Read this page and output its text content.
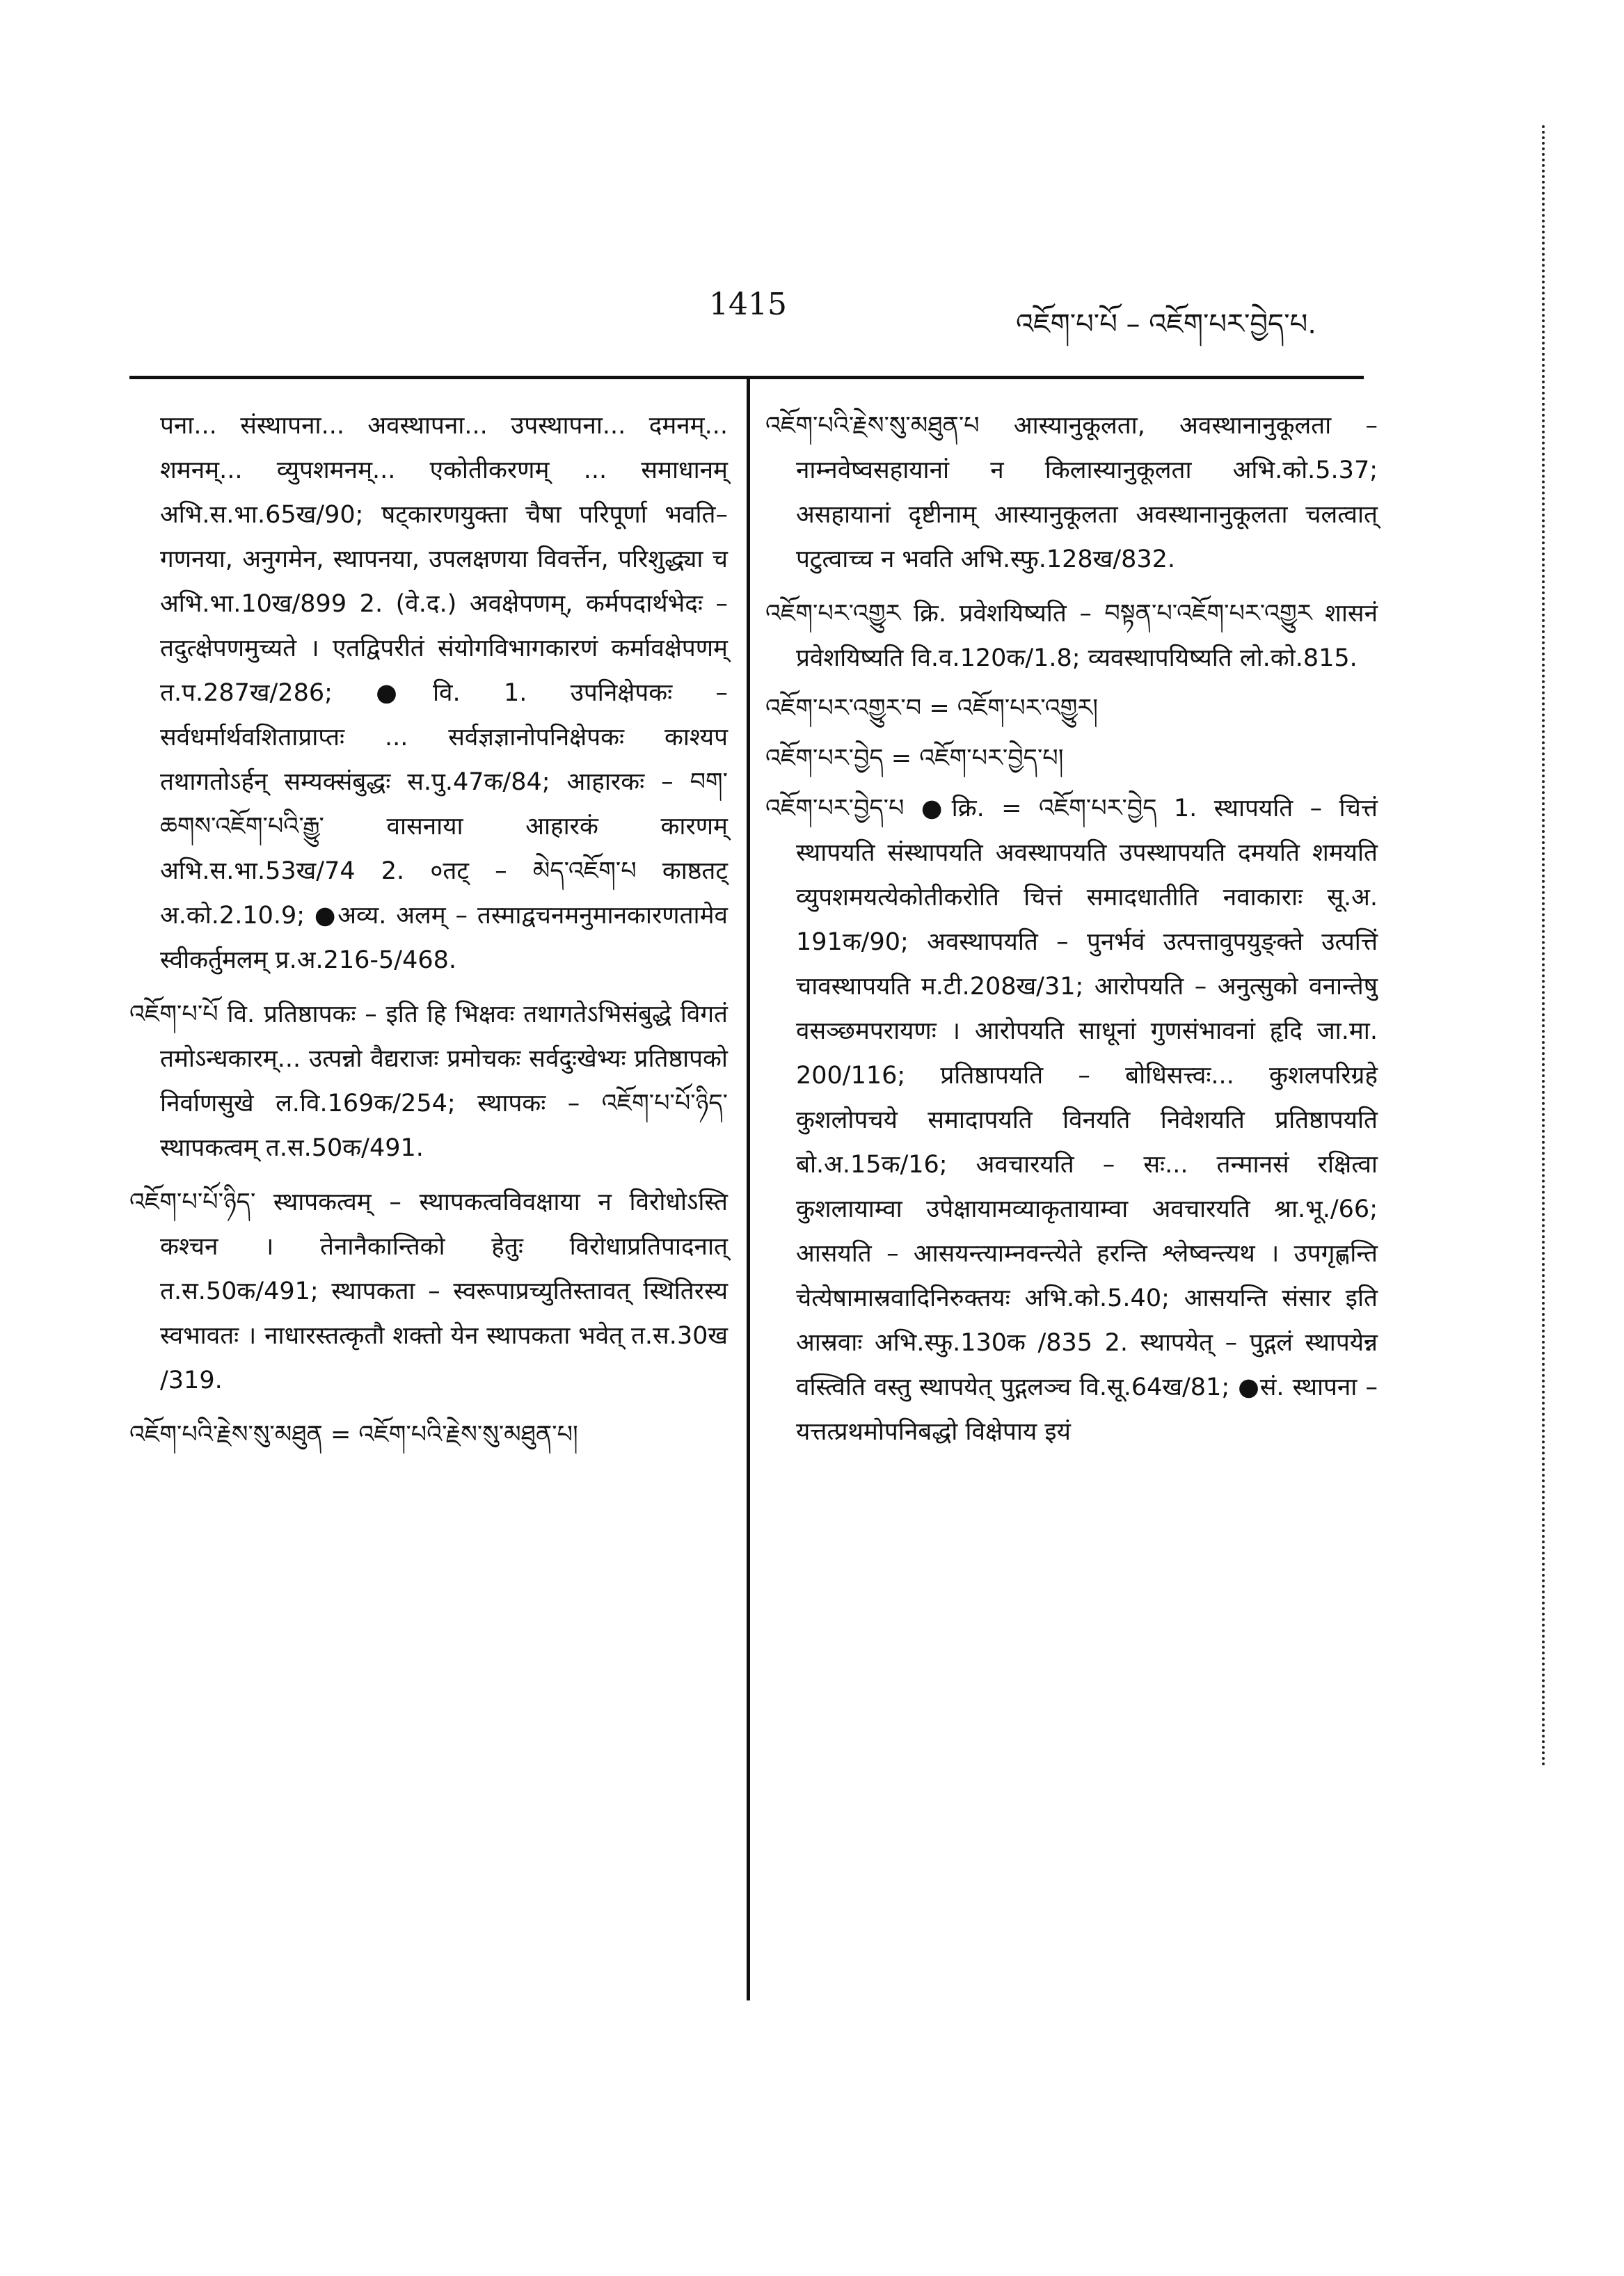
1415
འཇོག་པ་པོ – འཇོག་པར་བྱེད་པ.

पना... संस्थापना... अवस्थापना... उपस्थापना... दमनम्... शमनम्... व्युपशमनम्... एकोतीकरणम् ... समाधानम् अभि.स.भा.65ख/90; षट्कारणयुक्ता चैषा परिपूर्णा भवति–गणनया, अनुगमेन, स्थापनया, उपलक्षणया विवर्त्तेन, परिशुद्ध्या च अभि.भा.10ख/899 2. (वे.द.) अवक्षेपणम्, कर्मपदार्थभेदः – तदुत्क्षेपणमुच्यते । एतद्विपरीतं संयोगविभागकारणं कर्मावक्षेपणम् त.प.287ख/286; ●वि. 1. उपनिक्षेपकः – सर्वधर्मार्थवशिताप्राप्तः ... सर्वज्ञज्ञानोपनिक्षेपकः काश्यप तथागतोऽर्हन् सम्यक्संबुद्धः स.पु.47क/84; आहारकः – བག་ཆགས་འཇོག་པའི་རྒྱུ་ वासनाया आहारकं कारणम् अभि.स.भा.53ख/74 2. ०तट् – མེད་འཇོག་པ काष्ठतट् अ.को.2.10.9; ●अव्य. अलम् – तस्माद्वचनमनुमानकारणतामेव स्वीकर्तुमलम् प्र.अ.216-5/468.

འཇོག་པ་པོ वि. प्रतिष्ठापकः – इति हि भिक्षवः तथागतेऽभिसंबुद्धे विगतं तमोऽन्धकारम्... उत्पन्नो वैद्यराजः प्रमोचकः सर्वदुःखेभ्यः प्रतिष्ठापको निर्वाणसुखे ल.वि.169क/254; स्थापकः – འཇོག་པ་པོ་ཉིད་ स्थापकत्वम् त.स.50क/491.

འཇོག་པ་པོ་ཉིད་ स्थापकत्वम् – स्थापकत्वविवक्षाया न विरोधोऽस्ति कश्चन । तेनानैकान्तिको हेतुः विरोधाप्रतिपादनात् त.स.50क/491; स्थापकता – स्वरूपाप्रच्युतिस्तावत् स्थितिरस्य स्वभावतः । नाधारस्तत्कृतौ शक्तो येन स्थापकता भवेत् त.स.30ख /319.

འཇོག་པའི་རྗེས་སུ་མཐུན = འཇོག་པའི་རྗེས་སུ་མཐུན་པ།

འཇོག་པའི་རྗེས་སུ་མཐུན་པ आस्यानुकूलता, अवस्थानानुकूलता – नाम्नवेष्वसहायानां न किलास्यानुकूलता अभि.को.5.37; असहायानां दृष्टीनाम् आस्यानुकूलता अवस्थानानुकूलता चलत्वात् पटुत्वाच्च न भवति अभि.स्फु.128ख/832.

འཇོག་པར་འགྱུར क्रि. प्रवेशयिष्यति – བསྟན་པ་འཇོག་པར་འགྱུར शासनं प्रवेशयिष्यति वि.व.120क/1.8; व्यवस्थापयिष्यति लो.को.815.

འཇོག་པར་འགྱུར་བ = འཇོག་པར་འགྱུར།

འཇོག་པར་བྱེད = འཇོག་པར་བྱེད་པ།

འཇོག་པར་བྱེད་པ ●क्रि. = འཇོག་པར་བྱེད 1. स्थापयति – चित्तं स्थापयति संस्थापयति अवस्थापयति उपस्थापयति दमयति शमयति व्युपशमयत्येकोतीकरोति चित्तं समादधातीति नवाकाराः सू.अ. 191क/90; अवस्थापयति – पुनर्भवं उत्पत्तावुपयुङ्क्ते उत्पत्तिं चावस्थापयति म.टी.208ख/31; आरोपयति – अनुत्सुको वनान्तेषु वसञ्छमपरायणः । आरोपयति साधूनां गुणसंभावनां हृदि जा.मा. 200/116; प्रतिष्ठापयति – बोधिसत्त्वः... कुशलपरिग्रहे कुशलोपचये समादापयति विनयति निवेशयति प्रतिष्ठापयति बो.अ.15क/16; अवचारयति – सः... तन्मानसं रक्षित्वा कुशलायाम्वा उपेक्षायामव्याकृतायाम्वा अवचारयति श्रा.भू./66; आसयति – आसयन्त्याम्नवन्त्येते हरन्ति श्लेष्वन्त्यथ । उपगृह्णन्ति चेत्येषामास्रवादिनिरुक्तयः अभि.को.5.40; आसयन्ति संसार इति आस्रवाः अभि.स्फु.130क /835 2. स्थापयेत् – पुद्गलं स्थापयेन्न वस्त्विति वस्तु स्थापयेत् पुद्गलञ्च वि.सू.64ख/81; ●सं. स्थापना – यत्तत्प्रथमोपनिबद्धो विक्षेपाय इयं
